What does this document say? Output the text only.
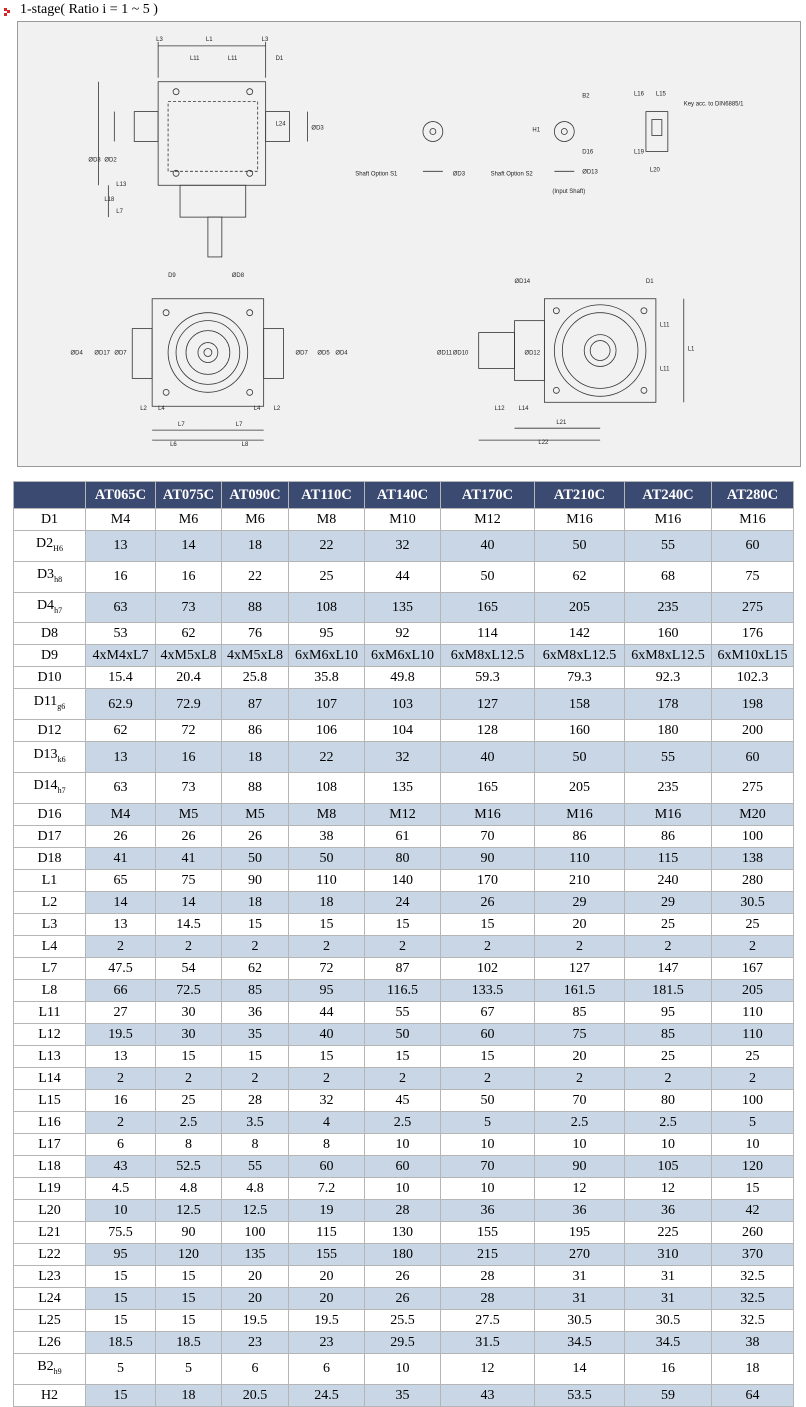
1-stage( Ratio i = 1 ~ 5 )
L1
L3	L3
L11	L11	D1
L24
ØD3
ØD3 ØD2
L13
L18
L7
Shaft Option S1	ØD3	Shaft Option S2
B2
H1
D16
ØD13
(Input Shaft)
L16 L15
Key acc. to DIN6885/1
L19
L20
D9	ØD8
ØD4 ØD17 ØD7	ØD7 ØD5 ØD4
L2 L4	L4 L2
L7	L7
L6	L8
ØD14	D1
ØD11 ØD10	ØD12
L11
L11
L1
L12 L14
L21
L22
	AT065C	AT075C	AT090C	AT110C	AT140C	AT170C	AT210C	AT240C	AT280C
D1	M4	M6	M6	M8	M10	M12	M16	M16	M16
$D2_{H6}$	13	14	18	22	32	40	50	55	60
$D3_{h8}$	16	16	22	25	44	50	62	68	75
$D4_{h7}$	63	73	88	108	135	165	205	235	275
D8	53	62	76	95	92	114	142	160	176
D9	4xM4xL7	4xM5xL8	4xM5xL8	6xM6xL10	6xM6xL10	6xM8xL12.5	6xM8xL12.5	6xM8xL12.5	6xM10xL15
D10	15.4	20.4	25.8	35.8	49.8	59.3	79.3	92.3	102.3
$D11_{g6}$	62.9	72.9	87	107	103	127	158	178	198
D12	62	72	86	106	104	128	160	180	200
$D13_{k6}$	13	16	18	22	32	40	50	55	60
$D14_{h7}$	63	73	88	108	135	165	205	235	275
D16	M4	M5	M5	M8	M12	M16	M16	M16	M20
D17	26	26	26	38	61	70	86	86	100
D18	41	41	50	50	80	90	110	115	138
L1	65	75	90	110	140	170	210	240	280
L2	14	14	18	18	24	26	29	29	30.5
L3	13	14.5	15	15	15	15	20	25	25
L4	2	2	2	2	2	2	2	2	2
L7	47.5	54	62	72	87	102	127	147	167
L8	66	72.5	85	95	116.5	133.5	161.5	181.5	205
L11	27	30	36	44	55	67	85	95	110
L12	19.5	30	35	40	50	60	75	85	110
L13	13	15	15	15	15	15	20	25	25
L14	2	2	2	2	2	2	2	2	2
L15	16	25	28	32	45	50	70	80	100
L16	2	2.5	3.5	4	2.5	5	2.5	2.5	5
L17	6	8	8	8	10	10	10	10	10
L18	43	52.5	55	60	60	70	90	105	120
L19	4.5	4.8	4.8	7.2	10	10	12	12	15
L20	10	12.5	12.5	19	28	36	36	36	42
L21	75.5	90	100	115	130	155	195	225	260
L22	95	120	135	155	180	215	270	310	370
L23	15	15	20	20	26	28	31	31	32.5
L24	15	15	20	20	26	28	31	31	32.5
L25	15	15	19.5	19.5	25.5	27.5	30.5	30.5	32.5
L26	18.5	18.5	23	23	29.5	31.5	34.5	34.5	38
$B2_{h9}$	5	5	6	6	10	12	14	16	18
H2	15	18	20.5	24.5	35	43	53.5	59	64
